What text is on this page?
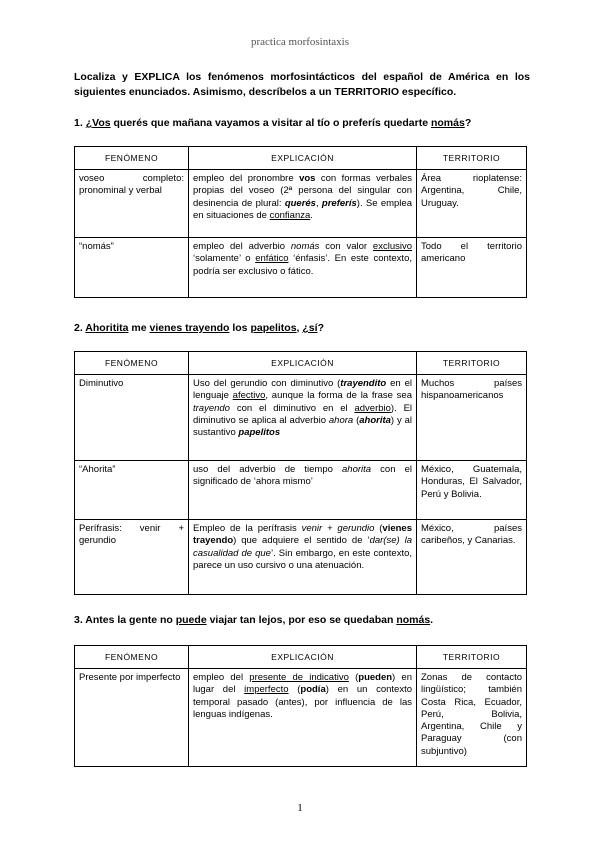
practica morfosintaxis
Localiza y EXPLICA los fenómenos morfosintácticos del español de América en los siguientes enunciados. Asimismo, descríbelos a un TERRITORIO específico.
1. ¿Vos querés que mañana vayamos a visitar al tío o preferís quedarte nomás?
FENÓMENO	EXPLICACIÓN	TERRITORIO
voseo completo: pronominal y verbal	empleo del pronombre vos con formas verbales propias del voseo (2ª persona del singular con desinencia de plural: querés, preferís). Se emplea en situaciones de confianza.	Área rioplatense: Argentina, Chile, Uruguay.
“nomás”	empleo del adverbio nomás con valor exclusivo ‘solamente’ o enfático ‘énfasis’. En este contexto, podría ser exclusivo o fático.	Todo el territorio americano
2. Ahoritita me vienes trayendo los papelitos, ¿sí?
FENÓMENO	EXPLICACIÓN	TERRITORIO
Diminutivo	Uso del gerundio con diminutivo (trayendito en el lenguaje afectivo, aunque la forma de la frase sea trayendo con el diminutivo en el adverbio). El diminutivo se aplica al adverbio ahora (ahorita) y al sustantivo papelitos	Muchos países hispanoamericanos
“Ahorita”	uso del adverbio de tiempo ahorita con el significado de ‘ahora mismo’	México, Guatemala, Honduras, El Salvador, Perú y Bolivia.
Perífrasis: venir + gerundio	Empleo de la perífrasis venir + gerundio (vienes trayendo) que adquiere el sentido de ‘dar(se) la casualidad de que’. Sin embargo, en este contexto, parece un uso cursivo o una atenuación.	México, países caribeños, y Canarias.
3. Antes la gente no puede viajar tan lejos, por eso se quedaban nomás.
FENÓMENO	EXPLICACIÓN	TERRITORIO
Presente por imperfecto	empleo del presente de indicativo (pueden) en lugar del imperfecto (podía) en un contexto temporal pasado (antes), por influencia de las lenguas indígenas.	Zonas de contacto lingüístico; también Costa Rica, Ecuador, Perú, Bolivia, Argentina, Chile y Paraguay (con subjuntivo)
1
